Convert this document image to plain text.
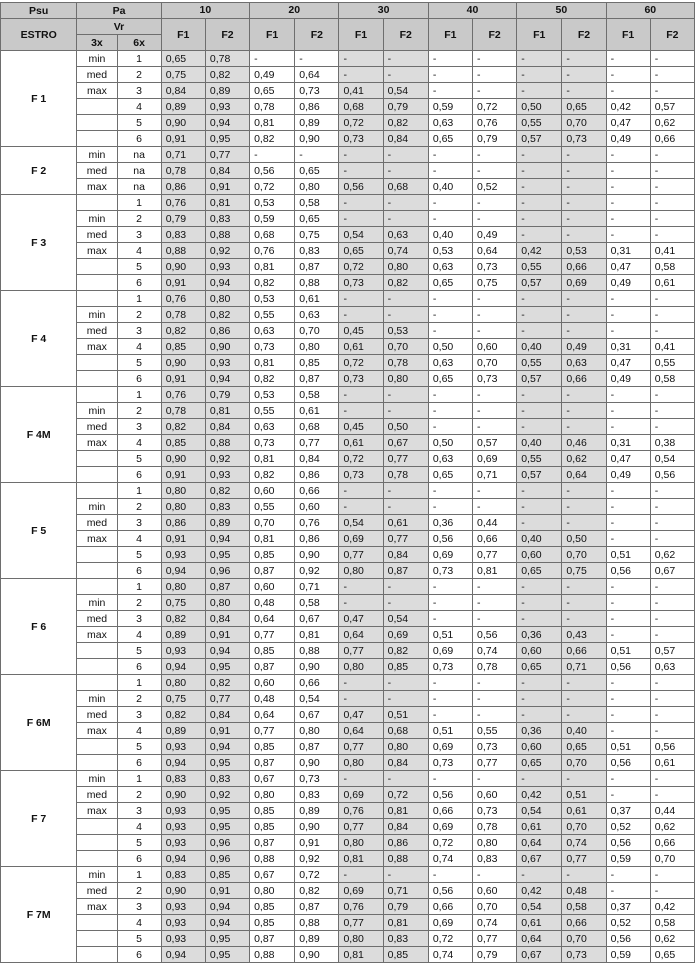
Psu	Pa		10		20		30		40		50		60	
ESTRO	Vr		F1	F2	F1	F2	F1	F2	F1	F2	F1	F2	F1	F2
	3x	6x												
F 1	min	1	0,65	0,78	-	-	-	-	-	-	-	-	-	-
	med	2	0,75	0,82	0,49	0,64	-	-	-	-	-	-	-	-
	max	3	0,84	0,89	0,65	0,73	0,41	0,54	-	-	-	-	-	-
		4	0,89	0,93	0,78	0,86	0,68	0,79	0,59	0,72	0,50	0,65	0,42	0,57
		5	0,90	0,94	0,81	0,89	0,72	0,82	0,63	0,76	0,55	0,70	0,47	0,62
		6	0,91	0,95	0,82	0,90	0,73	0,84	0,65	0,79	0,57	0,73	0,49	0,66
F 2	min	na	0,71	0,77	-	-	-	-	-	-	-	-	-	-
	med	na	0,78	0,84	0,56	0,65	-	-	-	-	-	-	-	-
	max	na	0,86	0,91	0,72	0,80	0,56	0,68	0,40	0,52	-	-	-	-
F 3		1	0,76	0,81	0,53	0,58	-	-	-	-	-	-	-	-
	min	2	0,79	0,83	0,59	0,65	-	-	-	-	-	-	-	-
	med	3	0,83	0,88	0,68	0,75	0,54	0,63	0,40	0,49	-	-	-	-
	max	4	0,88	0,92	0,76	0,83	0,65	0,74	0,53	0,64	0,42	0,53	0,31	0,41
		5	0,90	0,93	0,81	0,87	0,72	0,80	0,63	0,73	0,55	0,66	0,47	0,58
		6	0,91	0,94	0,82	0,88	0,73	0,82	0,65	0,75	0,57	0,69	0,49	0,61
F 4		1	0,76	0,80	0,53	0,61	-	-	-	-	-	-	-	-
	min	2	0,78	0,82	0,55	0,63	-	-	-	-	-	-	-	-
	med	3	0,82	0,86	0,63	0,70	0,45	0,53	-	-	-	-	-	-
	max	4	0,85	0,90	0,73	0,80	0,61	0,70	0,50	0,60	0,40	0,49	0,31	0,41
		5	0,90	0,93	0,81	0,85	0,72	0,78	0,63	0,70	0,55	0,63	0,47	0,55
		6	0,91	0,94	0,82	0,87	0,73	0,80	0,65	0,73	0,57	0,66	0,49	0,58
F 4M		1	0,76	0,79	0,53	0,58	-	-	-	-	-	-	-	-
	min	2	0,78	0,81	0,55	0,61	-	-	-	-	-	-	-	-
	med	3	0,82	0,84	0,63	0,68	0,45	0,50	-	-	-	-	-	-
	max	4	0,85	0,88	0,73	0,77	0,61	0,67	0,50	0,57	0,40	0,46	0,31	0,38
		5	0,90	0,92	0,81	0,84	0,72	0,77	0,63	0,69	0,55	0,62	0,47	0,54
		6	0,91	0,93	0,82	0,86	0,73	0,78	0,65	0,71	0,57	0,64	0,49	0,56
F 5		1	0,80	0,82	0,60	0,66	-	-	-	-	-	-	-	-
	min	2	0,80	0,83	0,55	0,60	-	-	-	-	-	-	-	-
	med	3	0,86	0,89	0,70	0,76	0,54	0,61	0,36	0,44	-	-	-	-
	max	4	0,91	0,94	0,81	0,86	0,69	0,77	0,56	0,66	0,40	0,50	-	-
		5	0,93	0,95	0,85	0,90	0,77	0,84	0,69	0,77	0,60	0,70	0,51	0,62
		6	0,94	0,96	0,87	0,92	0,80	0,87	0,73	0,81	0,65	0,75	0,56	0,67
F 6		1	0,80	0,87	0,60	0,71	-	-	-	-	-	-	-	-
	min	2	0,75	0,80	0,48	0,58	-	-	-	-	-	-	-	-
	med	3	0,82	0,84	0,64	0,67	0,47	0,54	-	-	-	-	-	-
	max	4	0,89	0,91	0,77	0,81	0,64	0,69	0,51	0,56	0,36	0,43	-	-
		5	0,93	0,94	0,85	0,88	0,77	0,82	0,69	0,74	0,60	0,66	0,51	0,57
		6	0,94	0,95	0,87	0,90	0,80	0,85	0,73	0,78	0,65	0,71	0,56	0,63
F 6M		1	0,80	0,82	0,60	0,66	-	-	-	-	-	-	-	-
	min	2	0,75	0,77	0,48	0,54	-	-	-	-	-	-	-	-
	med	3	0,82	0,84	0,64	0,67	0,47	0,51	-	-	-	-	-	-
	max	4	0,89	0,91	0,77	0,80	0,64	0,68	0,51	0,55	0,36	0,40	-	-
		5	0,93	0,94	0,85	0,87	0,77	0,80	0,69	0,73	0,60	0,65	0,51	0,56
		6	0,94	0,95	0,87	0,90	0,80	0,84	0,73	0,77	0,65	0,70	0,56	0,61
F 7	min	1	0,83	0,83	0,67	0,73	-	-	-	-	-	-	-	-
	med	2	0,90	0,92	0,80	0,83	0,69	0,72	0,56	0,60	0,42	0,51	-	-
	max	3	0,93	0,95	0,85	0,89	0,76	0,81	0,66	0,73	0,54	0,61	0,37	0,44
		4	0,93	0,95	0,85	0,90	0,77	0,84	0,69	0,78	0,61	0,70	0,52	0,62
		5	0,93	0,96	0,87	0,91	0,80	0,86	0,72	0,80	0,64	0,74	0,56	0,66
		6	0,94	0,96	0,88	0,92	0,81	0,88	0,74	0,83	0,67	0,77	0,59	0,70
F 7M	min	1	0,83	0,85	0,67	0,72	-	-	-	-	-	-	-	-
	med	2	0,90	0,91	0,80	0,82	0,69	0,71	0,56	0,60	0,42	0,48	-	-
	max	3	0,93	0,94	0,85	0,87	0,76	0,79	0,66	0,70	0,54	0,58	0,37	0,42
		4	0,93	0,94	0,85	0,88	0,77	0,81	0,69	0,74	0,61	0,66	0,52	0,58
		5	0,93	0,95	0,87	0,89	0,80	0,83	0,72	0,77	0,64	0,70	0,56	0,62
		6	0,94	0,95	0,88	0,90	0,81	0,85	0,74	0,79	0,67	0,73	0,59	0,65
